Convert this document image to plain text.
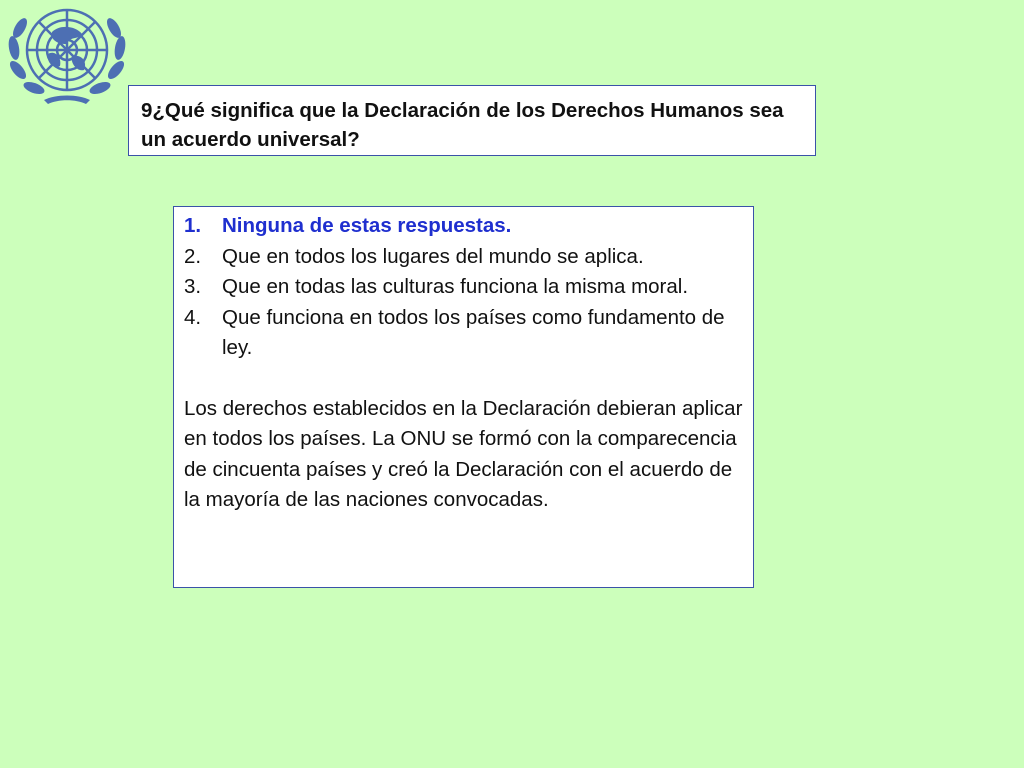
9¿Qué significa que la Declaración de los Derechos Humanos sea un acuerdo universal?
1.	Ninguna de estas respuestas.
2.	Que en todos los lugares del mundo se aplica.
3.	Que en todas las culturas funciona la misma moral.
4.	Que funciona en todos los países como fundamento de ley.

Los derechos establecidos en la Declaración debieran aplicar en todos los países. La ONU se formó con la comparecencia de cincuenta países y creó la Declaración con el acuerdo de la mayoría de las naciones convocadas.
